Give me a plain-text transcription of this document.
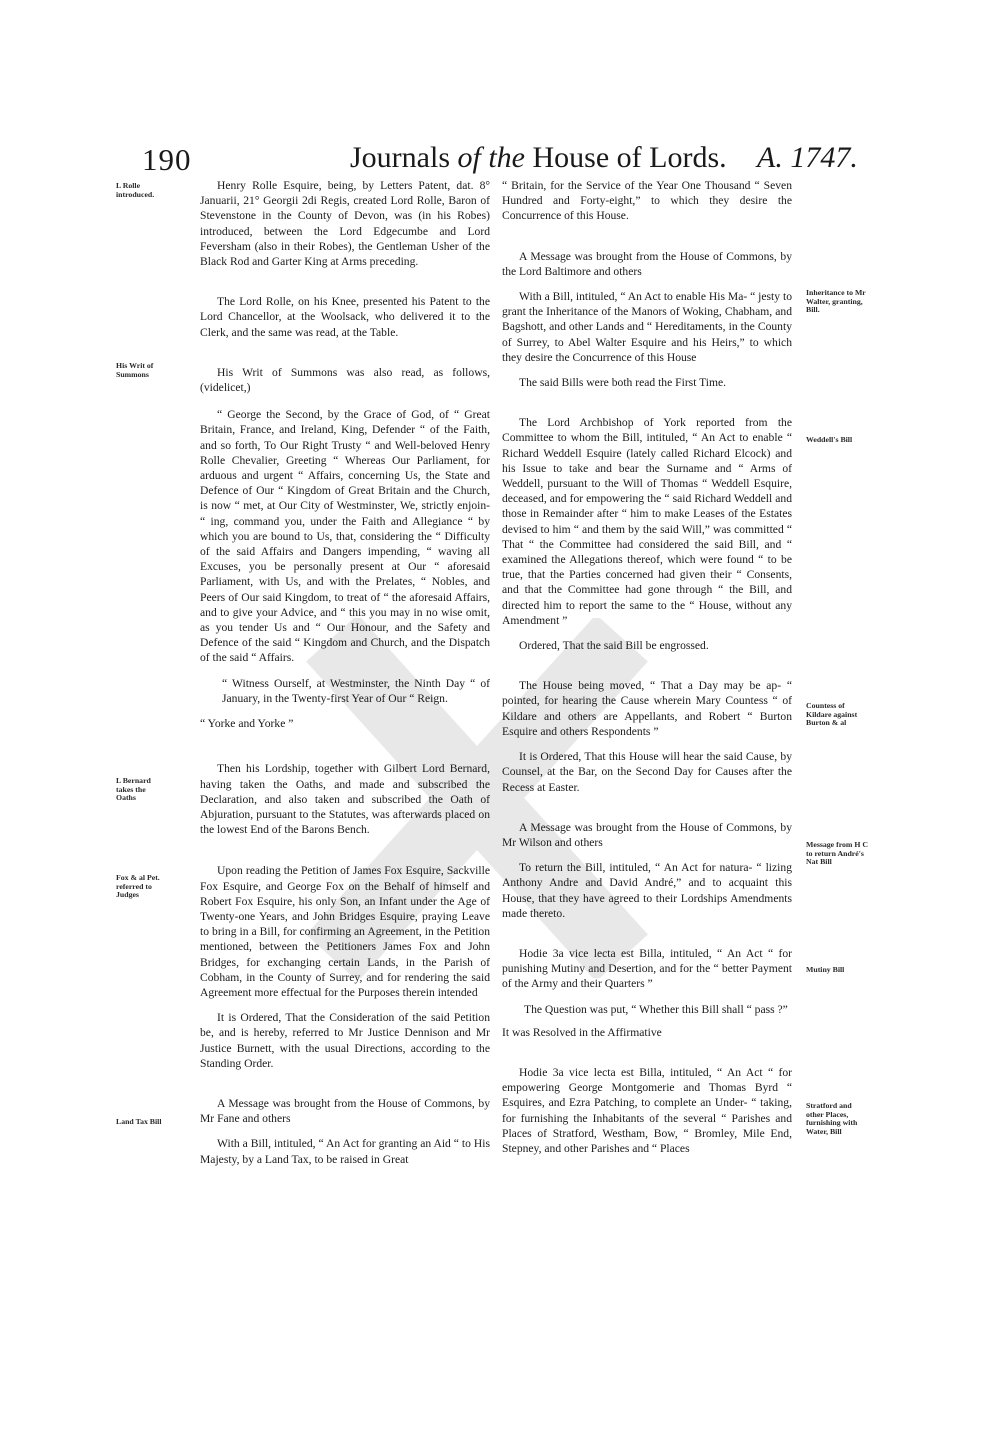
190	Journals of the House of Lords. A. 1747.

Henry Rolle Esquire, being, by Letters Patent, dat. 8° Januarii, 21° Georgii 2di Regis, created Lord Rolle, Baron of Stevenstone in the County of Devon, was (in his Robes) introduced, between the Lord Edgecumbe and Lord Feversham (also in their Robes), the Gentleman Usher of the Black Rod and Garter King at Arms preceding.

The Lord Rolle, on his Knee, presented his Patent to the Lord Chancellor, at the Woolsack, who delivered it to the Clerk, and the same was read, at the Table.

His Writ of Summons was also read, as follows, (videlicet,)

“ George the Second, by the Grace of God, of “ Great Britain, France, and Ireland, King, Defender “ of the Faith, and so forth, To Our Right Trusty “ and Well-beloved Henry Rolle Chevalier, Greeting “ Whereas Our Parliament, for arduous and urgent “ Affairs, concerning Us, the State and Defence of Our “ Kingdom of Great Britain and the Church, is now “ met, at Our City of Westminster, We, strictly enjoin- “ ing, command you, under the Faith and Allegiance “ by which you are bound to Us, that, considering the “ Difficulty of the said Affairs and Dangers impending, “ waving all Excuses, you be personally present at Our “ aforesaid Parliament, with Us, and with the Prelates, “ Nobles, and Peers of Our said Kingdom, to treat of “ the aforesaid Affairs, and to give your Advice, and “ this you may in no wise omit, as you tender Us and “ Our Honour, and the Safety and Defence of the said “ Kingdom and Church, and the Dispatch of the said “ Affairs.

“ Witness Ourself, at Westminster, the Ninth Day “ of January, in the Twenty-first Year of Our “ Reign.

“ Yorke and Yorke ”

Then his Lordship, together with Gilbert Lord Bernard, having taken the Oaths, and made and subscribed the Declaration, and also taken and subscribed the Oath of Abjuration, pursuant to the Statutes, was afterwards placed on the lowest End of the Barons Bench.

Upon reading the Petition of James Fox Esquire, Sackville Fox Esquire, and George Fox on the Behalf of himself and Robert Fox Esquire, his only Son, an Infant under the Age of Twenty-one Years, and John Bridges Esquire, praying Leave to bring in a Bill, for confirming an Agreement, in the Petition mentioned, between the Petitioners James Fox and John Bridges, for exchanging certain Lands, in the Parish of Cobham, in the County of Surrey, and for rendering the said Agreement more effectual for the Purposes therein intended

It is Ordered, That the Consideration of the said Petition be, and is hereby, referred to Mr Justice Dennison and Mr Justice Burnett, with the usual Directions, according to the Standing Order.

A Message was brought from the House of Commons, by Mr Fane and others

With a Bill, intituled, “ An Act for granting an Aid “ to His Majesty, by a Land Tax, to be raised in Great

“ Britain, for the Service of the Year One Thousand “ Seven Hundred and Forty-eight,” to which they desire the Concurrence of this House.

A Message was brought from the House of Commons, by the Lord Baltimore and others

With a Bill, intituled, “ An Act to enable His Ma- “ jesty to grant the Inheritance of the Manors of Woking, Chabham, and Bagshott, and other Lands and “ Hereditaments, in the County of Surrey, to Abel Walter Esquire and his Heirs,” to which they desire the Concurrence of this House

The said Bills were both read the First Time.

The Lord Archbishop of York reported from the Committee to whom the Bill, intituled, “ An Act to enable “ Richard Weddell Esquire (lately called Richard Elcock) and his Issue to take and bear the Surname and “ Arms of Weddell, pursuant to the Will of Thomas “ Weddell Esquire, deceased, and for empowering the “ said Richard Weddell and those in Remainder after “ him to make Leases of the Estates devised to him “ and them by the said Will,” was committed “ That “ the Committee had considered the said Bill, and “ examined the Allegations thereof, which were found “ to be true, that the Parties concerned had given their “ Consents, and that the Committee had gone through “ the Bill, and directed him to report the same to the “ House, without any Amendment ”

Ordered, That the said Bill be engrossed.

The House being moved, “ That a Day may be ap- “ pointed, for hearing the Cause wherein Mary Countess “ of Kildare and others are Appellants, and Robert “ Burton Esquire and others Respondents ”

It is Ordered, That this House will hear the said Cause, by Counsel, at the Bar, on the Second Day for Causes after the Recess at Easter.

A Message was brought from the House of Commons, by Mr Wilson and others

To return the Bill, intituled, “ An Act for natura- “ lizing Anthony Andre and David André,” and to acquaint this House, that they have agreed to their Lordships Amendments made thereto.

Hodie 3a vice lecta est Billa, intituled, “ An Act “ for punishing Mutiny and Desertion, and for the “ better Payment of the Army and their Quarters ”

The Question was put, “ Whether this Bill shall “ pass ?”

It was Resolved in the Affirmative

Hodie 3a vice lecta est Billa, intituled, “ An Act “ for empowering George Montgomerie and Thomas Byrd “ Esquires, and Ezra Patching, to complete an Under- “ taking, for furnishing the Inhabitants of the several “ Parishes and Places of Stratford, Westham, Bow, “ Bromley, Mile End, Stepney, and other Parishes and “ Places

L Rolle introduced.
His Writ of Summons
L Bernard takes the Oaths
Fox & al Pet. referred to Judges
Land Tax Bill
Inheritance to Mr Walter, granting, Bill.
Weddell's Bill
Countess of Kildare against Burton & al
Message from H C to return André's Nat Bill
Mutiny Bill
Stratford and other Places, furnishing with Water, Bill
